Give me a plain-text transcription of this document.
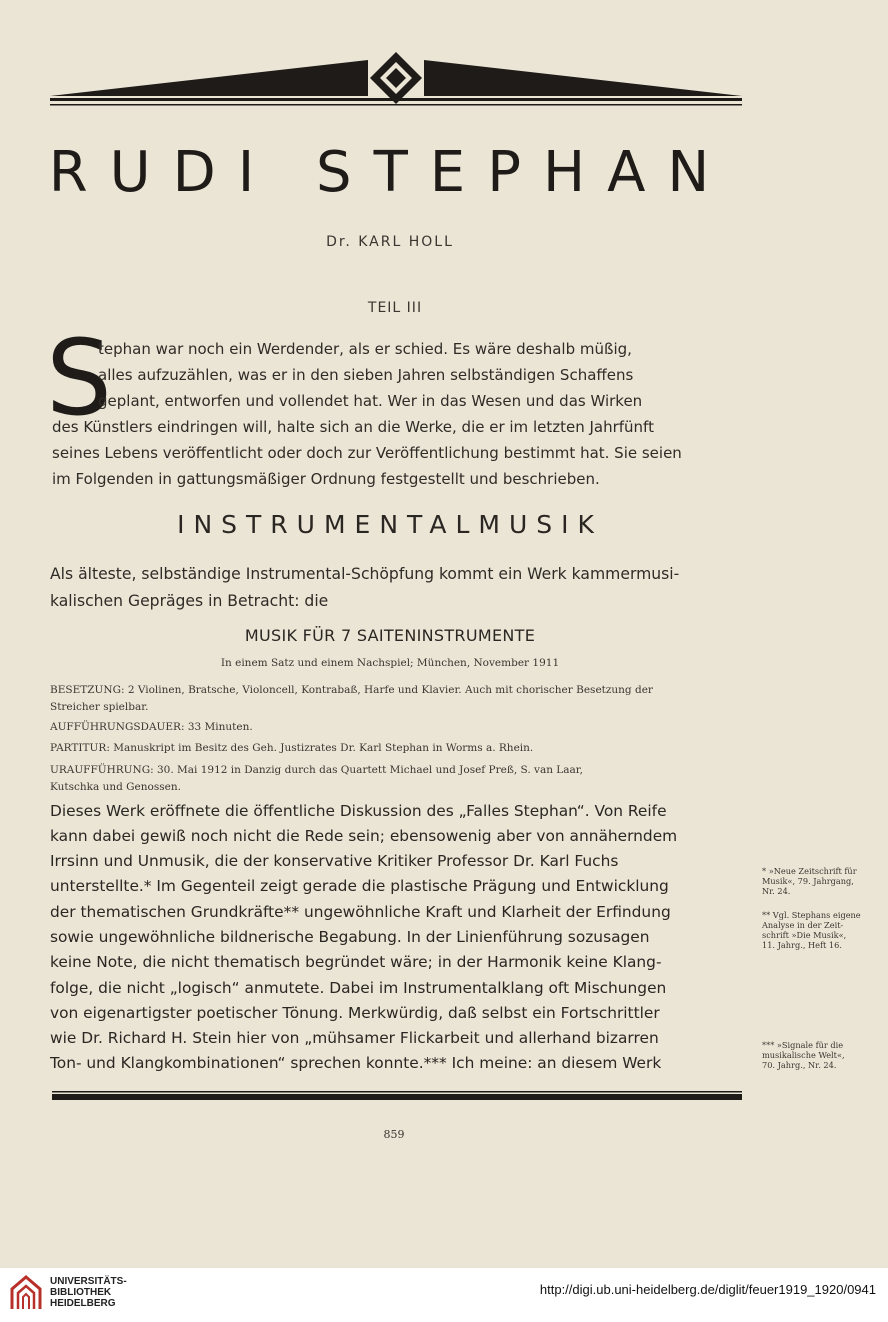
RUDI STEPHAN
Dr. KARL HOLL
TEIL III
S
tephan war noch ein Werdender, als er schied. Es wäre deshalb müßig,
alles aufzuzählen, was er in den sieben Jahren selbständigen Schaffens
geplant, entworfen und vollendet hat. Wer in das Wesen und das Wirken
des Künstlers eindringen will, halte sich an die Werke, die er im letzten Jahrfünft
seines Lebens veröffentlicht oder doch zur Veröffentlichung bestimmt hat. Sie seien
im Folgenden in gattungsmäßiger Ordnung festgestellt und beschrieben.
INSTRUMENTALMUSIK
Als älteste, selbständige Instrumental-Schöpfung kommt ein Werk kammermusi-
kalischen Gepräges in Betracht: die
MUSIK FÜR 7 SAITENINSTRUMENTE
In einem Satz und einem Nachspiel; München, November 1911
BESETZUNG: 2 Violinen, Bratsche, Violoncell, Kontrabaß, Harfe und Klavier. Auch mit chorischer Besetzung der
Streicher spielbar.
AUFFÜHRUNGSDAUER: 33 Minuten.
PARTITUR: Manuskript im Besitz des Geh. Justizrates Dr. Karl Stephan in Worms a. Rhein.
URAUFFÜHRUNG: 30. Mai 1912 in Danzig durch das Quartett Michael und Josef Preß, S. van Laar,
Kutschka und Genossen.
Dieses Werk eröffnete die öffentliche Diskussion des „Falles Stephan“. Von Reife
kann dabei gewiß noch nicht die Rede sein; ebensowenig aber von annäherndem
Irrsinn und Unmusik, die der konservative Kritiker Professor Dr. Karl Fuchs
unterstellte.* Im Gegenteil zeigt gerade die plastische Prägung und Entwicklung
der thematischen Grundkräfte** ungewöhnliche Kraft und Klarheit der Erfindung
sowie ungewöhnliche bildnerische Begabung. In der Linienführung sozusagen
keine Note, die nicht thematisch begründet wäre; in der Harmonik keine Klang-
folge, die nicht „logisch“ anmutete. Dabei im Instrumentalklang oft Mischungen
von eigenartigster poetischer Tönung. Merkwürdig, daß selbst ein Fortschrittler
wie Dr. Richard H. Stein hier von „mühsamer Flickarbeit und allerhand bizarren
Ton- und Klangkombinationen“ sprechen konnte.*** Ich meine: an diesem Werk
* »Neue Zeitschrift für
Musik«, 79. Jahrgang,
Nr. 24.
** Vgl. Stephans eigene
Analyse in der Zeit-
schrift »Die Musik«,
11. Jahrg., Heft 16.
*** »Signale für die
musikalische Welt«,
70. Jahrg., Nr. 24.
859
UNIVERSITÄTS-
BIBLIOTHEK
HEIDELBERG
http://digi.ub.uni-heidelberg.de/diglit/feuer1919_1920/0941
